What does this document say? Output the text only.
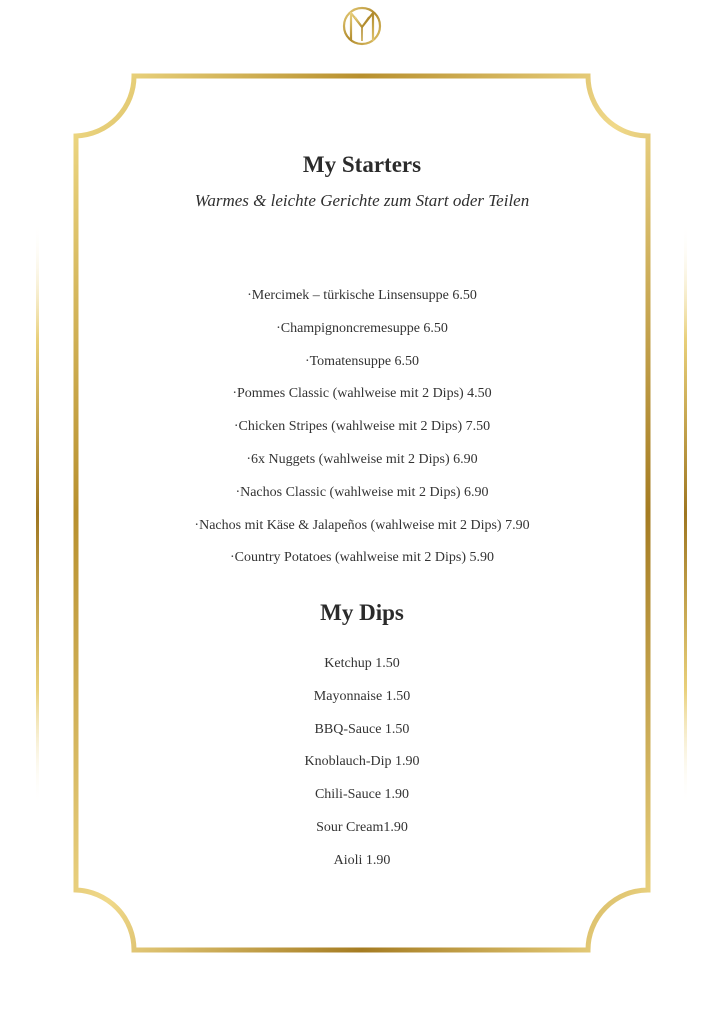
My Starters
Warmes & leichte Gerichte zum Start oder Teilen
·Mercimek – türkische Linsensuppe 6.50
·Champignoncremesuppe 6.50
·Tomatensuppe 6.50
·Pommes Classic (wahlweise mit 2 Dips) 4.50
·Chicken Stripes (wahlweise mit 2 Dips) 7.50
·6x Nuggets (wahlweise mit 2 Dips) 6.90
·Nachos Classic (wahlweise mit 2 Dips) 6.90
·Nachos mit Käse & Jalapeños (wahlweise mit 2 Dips) 7.90
·Country Potatoes (wahlweise mit 2 Dips) 5.90
My Dips
Ketchup 1.50
Mayonnaise 1.50
BBQ-Sauce 1.50
Knoblauch-Dip 1.90
Chili-Sauce 1.90
Sour Cream1.90
Aioli 1.90
